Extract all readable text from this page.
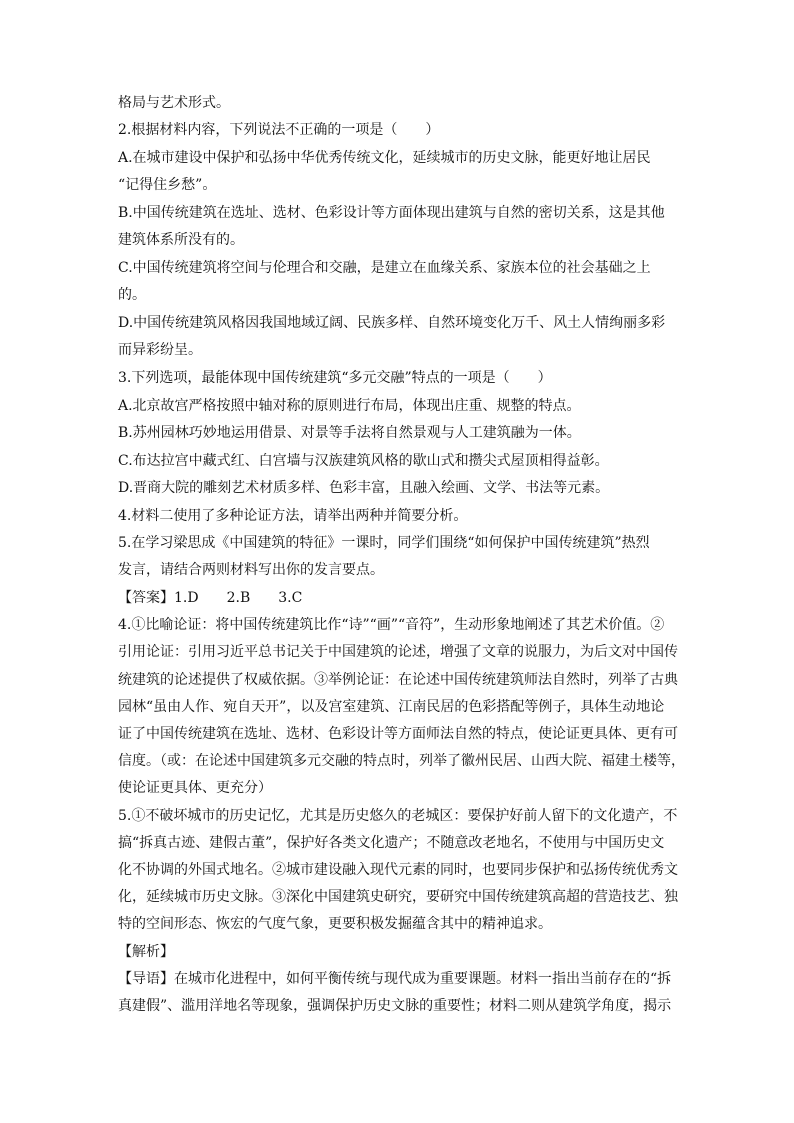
格局与艺术形式。
2.根据材料内容，下列说法不正确的一项是（　　）
A.在城市建设中保护和弘扬中华优秀传统文化，延续城市的历史文脉，能更好地让居民
“记得住乡愁”。
B.中国传统建筑在选址、选材、色彩设计等方面体现出建筑与自然的密切关系，这是其他
建筑体系所没有的。
C.中国传统建筑将空间与伦理合和交融，是建立在血缘关系、家族本位的社会基础之上
的。
D.中国传统建筑风格因我国地域辽阔、民族多样、自然环境变化万千、风土人情绚丽多彩
而异彩纷呈。
3.下列选项，最能体现中国传统建筑“多元交融”特点的一项是（　　）
A.北京故宫严格按照中轴对称的原则进行布局，体现出庄重、规整的特点。
B.苏州园林巧妙地运用借景、对景等手法将自然景观与人工建筑融为一体。
C.布达拉宫中藏式红、白宫墙与汉族建筑风格的歇山式和攒尖式屋顶相得益彰。
D.晋商大院的雕刻艺术材质多样、色彩丰富，且融入绘画、文学、书法等元素。
4.材料二使用了多种论证方法，请举出两种并简要分析。
5.在学习梁思成《中国建筑的特征》一课时，同学们围绕“如何保护中国传统建筑”热烈
发言，请结合两则材料写出你的发言要点。
【答案】1.D　　2.B　　3.C
4.①比喻论证：将中国传统建筑比作“诗”“画”“音符”，生动形象地阐述了其艺术价值。②
引用论证：引用习近平总书记关于中国建筑的论述，增强了文章的说服力，为后文对中国传
统建筑的论述提供了权威依据。③举例论证：在论述中国传统建筑师法自然时，列举了古典
园林“虽由人作、宛自天开”，以及宫室建筑、江南民居的色彩搭配等例子，具体生动地论
证了中国传统建筑在选址、选材、色彩设计等方面师法自然的特点，使论证更具体、更有可
信度。（或：在论述中国建筑多元交融的特点时，列举了徽州民居、山西大院、福建土楼等，
使论证更具体、更充分）
5.①不破坏城市的历史记忆，尤其是历史悠久的老城区：要保护好前人留下的文化遗产，不
搞“拆真古迹、建假古董”，保护好各类文化遗产；不随意改老地名，不使用与中国历史文
化不协调的外国式地名。②城市建设融入现代元素的同时，也要同步保护和弘扬传统优秀文
化，延续城市历史文脉。③深化中国建筑史研究，要研究中国传统建筑高超的营造技艺、独
特的空间形态、恢宏的气度气象，更要积极发掘蕴含其中的精神追求。
【解析】
【导语】在城市化进程中，如何平衡传统与现代成为重要课题。材料一指出当前存在的“拆
真建假”、滥用洋地名等现象，强调保护历史文脉的重要性；材料二则从建筑学角度，揭示
